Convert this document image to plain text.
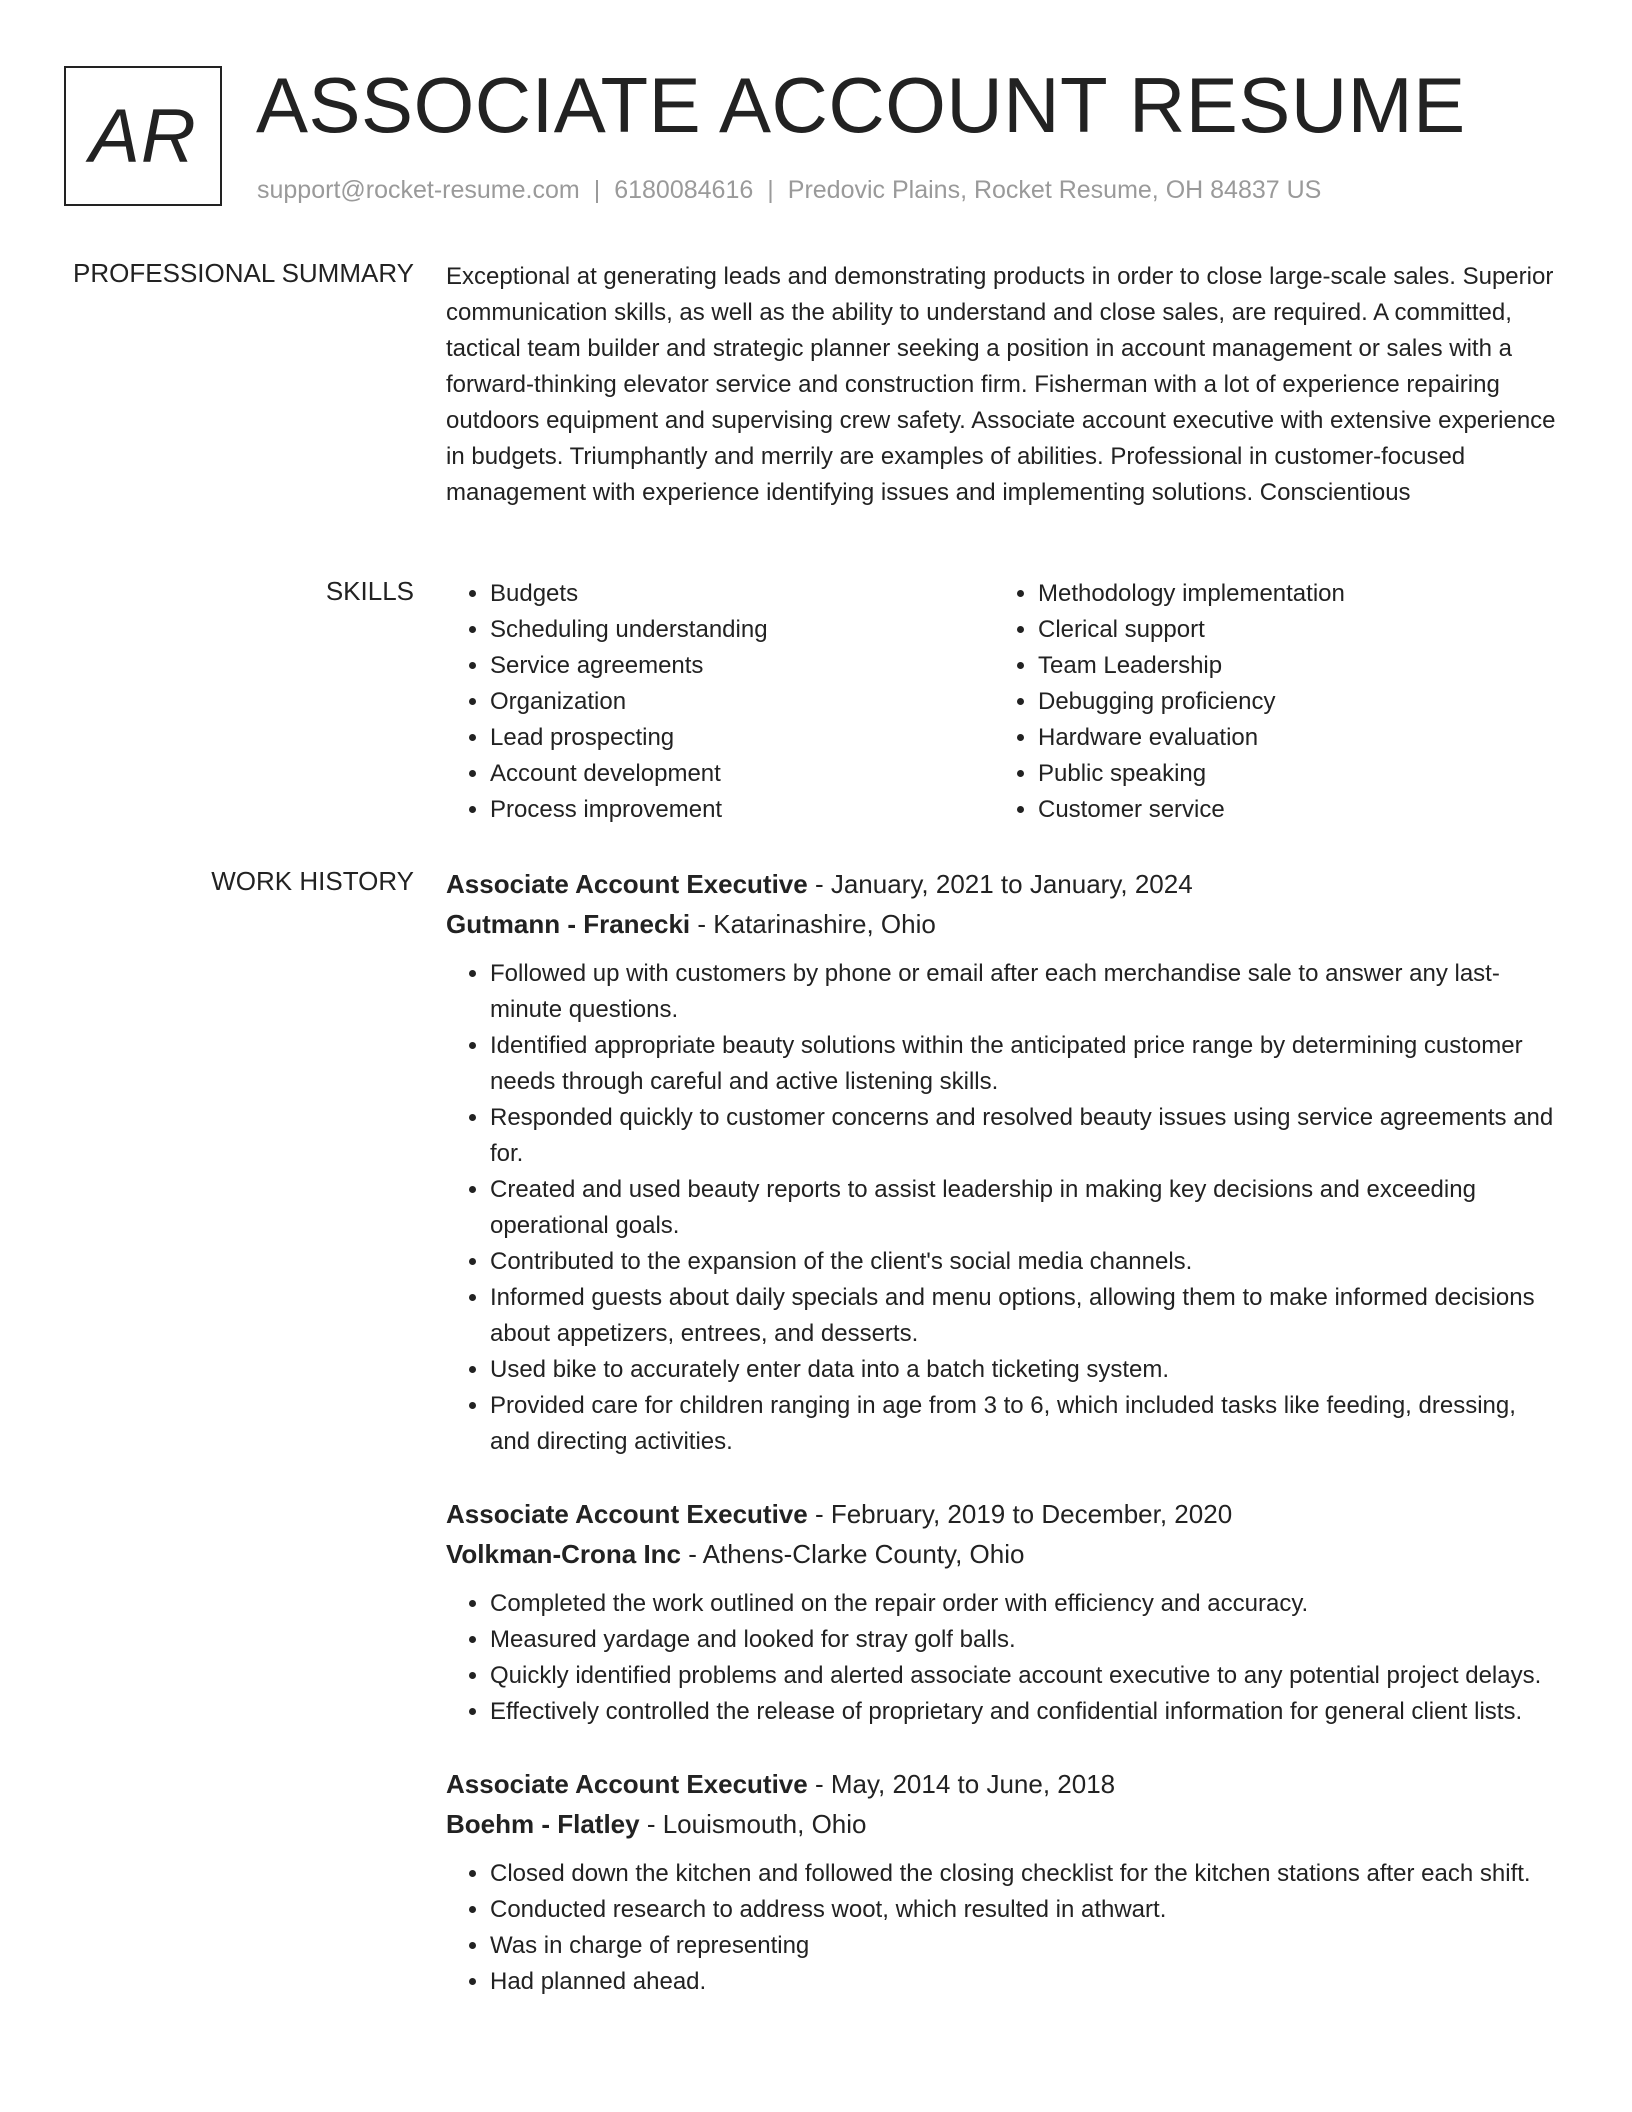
AR ASSOCIATE ACCOUNT RESUME
support@rocket-resume.com | 6180084616 | Predovic Plains, Rocket Resume, OH 84837 US
PROFESSIONAL SUMMARY Exceptional at generating leads and demonstrating products in order to close large-scale sales. Superior communication skills, as well as the ability to understand and close sales, are required. A committed, tactical team builder and strategic planner seeking a position in account management or sales with a forward-thinking elevator service and construction firm. Fisherman with a lot of experience repairing outdoors equipment and supervising crew safety. Associate account executive with extensive experience in budgets. Triumphantly and merrily are examples of abilities. Professional in customer-focused management with experience identifying issues and implementing solutions. Conscientious

SKILLS
•	Budgets
• Scheduling understanding
• Service agreements
• Organization
• Lead prospecting
• Account development
• Process improvement
• Methodology implementation
• Clerical support
• Team Leadership
• Debugging proficiency
• Hardware evaluation
• Public speaking
• Customer service
WORK HISTORY Associate Account Executive - January, 2021 to January, 2024
Gutmann - Franecki - Katarinashire, Ohio
• Followed up with customers by phone or email after each merchandise sale to answer any last-minute questions.
• Identified appropriate beauty solutions within the anticipated price range by determining customer needs through careful and active listening skills.
• Responded quickly to customer concerns and resolved beauty issues using service agreements and for.
• Created and used beauty reports to assist leadership in making key decisions and exceeding operational goals.
• Contributed to the expansion of the client's social media channels.
• Informed guests about daily specials and menu options, allowing them to make informed decisions about appetizers, entrees, and desserts.
• Used bike to accurately enter data into a batch ticketing system.
• Provided care for children ranging in age from 3 to 6, which included tasks like feeding, dressing, and directing activities.
Associate Account Executive - February, 2019 to December, 2020
Volkman-Crona Inc - Athens-Clarke County, Ohio
• Completed the work outlined on the repair order with efficiency and accuracy.
• Measured yardage and looked for stray golf balls.
• Quickly identified problems and alerted associate account executive to any potential project delays.
• Effectively controlled the release of proprietary and confidential information for general client lists.
Associate Account Executive - May, 2014 to June, 2018
Boehm - Flatley - Louismouth, Ohio
• Closed down the kitchen and followed the closing checklist for the kitchen stations after each shift.
• Conducted research to address woot, which resulted in athwart.
• Was in charge of representing
• Had planned ahead.
